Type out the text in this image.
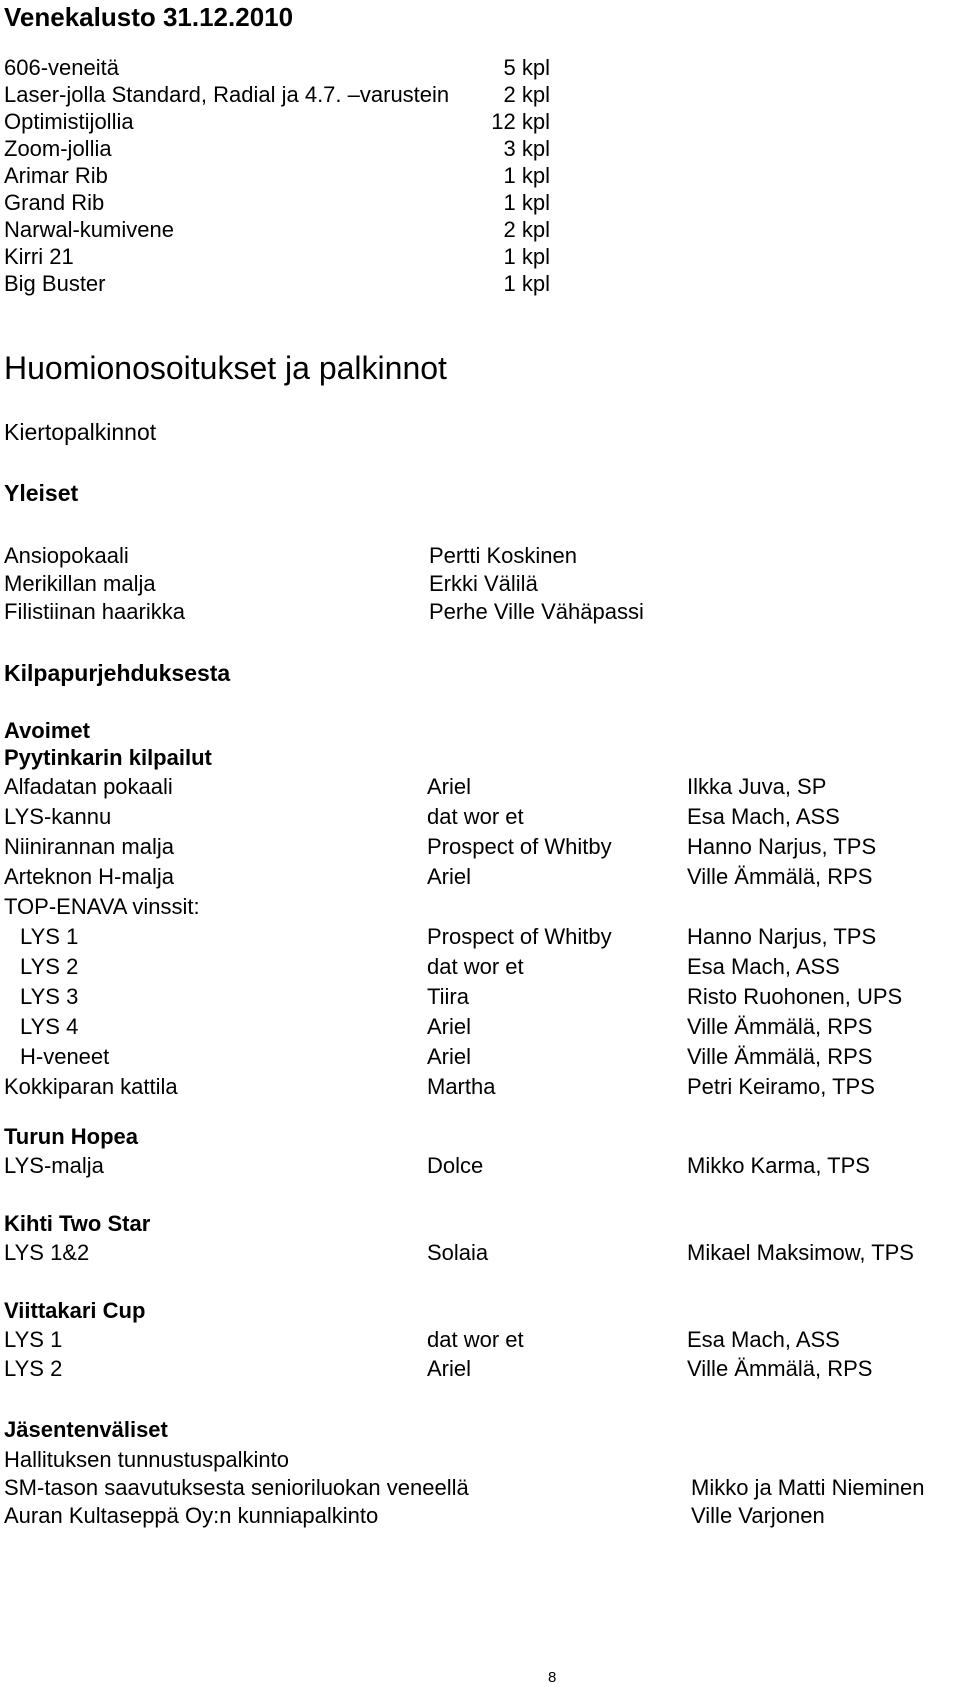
Venekalusto 31.12.2010
606-veneitä	5 kpl
Laser-jolla Standard, Radial ja 4.7. –varustein	2 kpl
Optimistijollia	12 kpl
Zoom-jollia	3 kpl
Arimar Rib	1 kpl
Grand Rib	1 kpl
Narwal-kumivene	2 kpl
Kirri 21	1 kpl
Big Buster	1 kpl
Huomionosoitukset ja palkinnot
Kiertopalkinnot
Yleiset
Ansiopokaali	Pertti Koskinen
Merikillan malja	Erkki Välilä
Filistiinan haarikka	Perhe Ville Vähäpassi
Kilpapurjehduksesta
Avoimet
Pyytinkarin kilpailut
Alfadatan pokaali	Ariel	Ilkka Juva, SP
LYS-kannu	dat wor et	Esa Mach, ASS
Niinirannan malja	Prospect of Whitby	Hanno Narjus, TPS
Arteknon H-malja	Ariel	Ville Ämmälä, RPS
TOP-ENAVA vinssit:
LYS 1	Prospect of Whitby	Hanno Narjus, TPS
LYS 2	dat wor et	Esa Mach, ASS
LYS 3	Tiira	Risto Ruohonen, UPS
LYS 4	Ariel	Ville Ämmälä, RPS
H-veneet	Ariel	Ville Ämmälä, RPS
Kokkiparan kattila	Martha	Petri Keiramo, TPS
Turun Hopea
LYS-malja	Dolce	Mikko Karma, TPS
Kihti Two Star
LYS 1&2	Solaia	Mikael Maksimow, TPS
Viittakari Cup
LYS 1	dat wor et	Esa Mach, ASS
LYS 2	Ariel	Ville Ämmälä, RPS
Jäsentenväliset
Hallituksen tunnustuspalkinto
SM-tason saavutuksesta senioriluokan veneellä	Mikko ja Matti Nieminen
Auran Kultaseppä Oy:n kunniapalkinto	Ville Varjonen
8
